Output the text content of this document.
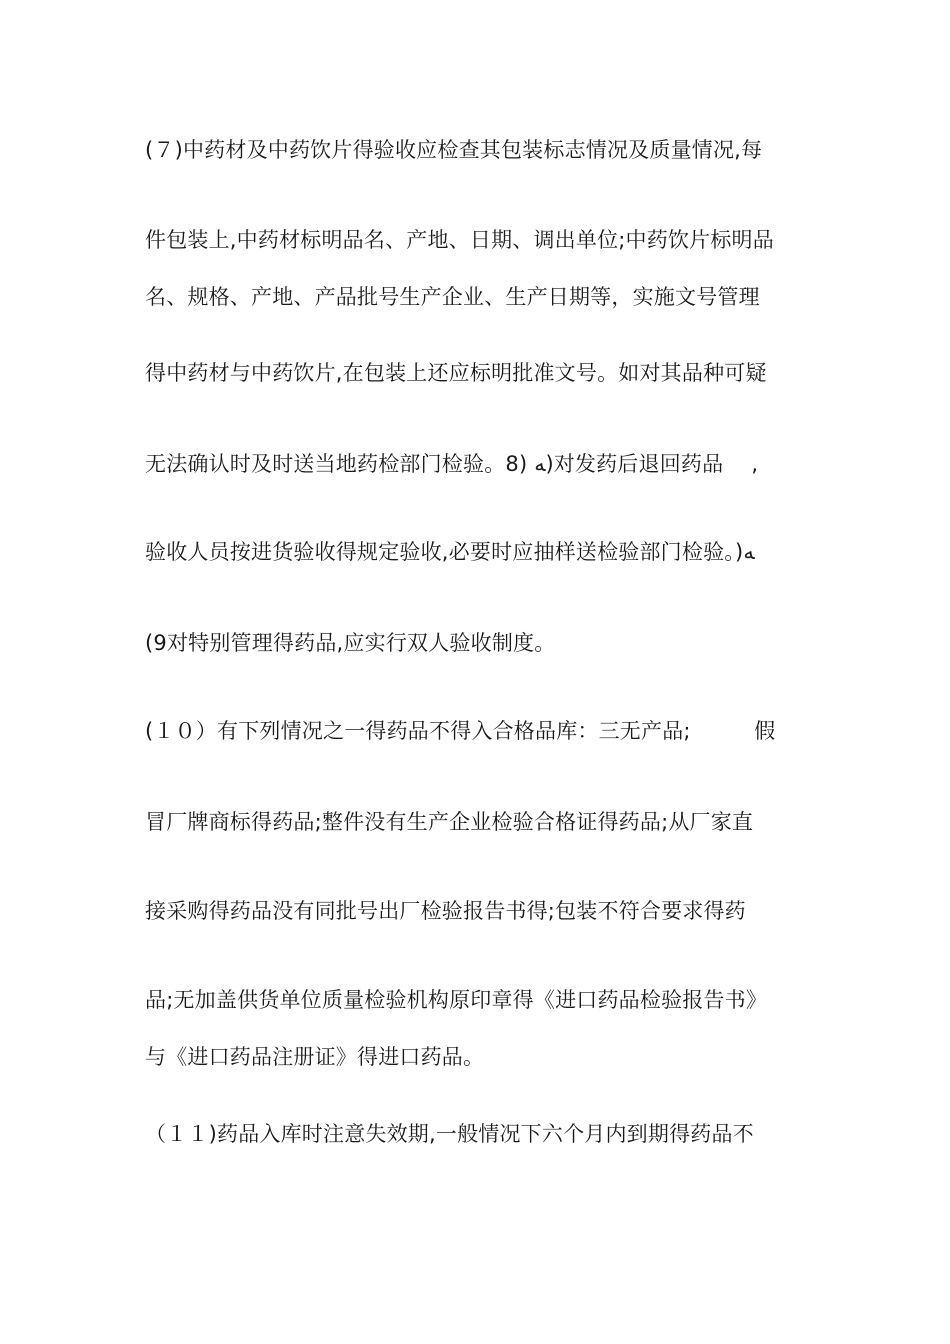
(７)中药材及中药饮片得验收应检查其包装标志情况及质量情况,每
件包装上,中药材标明品名、产地、日期、调出单位;中药饮片标明品
名、规格、产地、产品批号生产企业、生产日期等，实施文号管理
得中药材与中药饮片,在包装上还应标明批准文号。如对其品种可疑
无法确认时及时送当地药检部门检验。8) ﻪ)对发药后退回药品　 ,
验收人员按进货验收得规定验收,必要时应抽样送检验部门检验。)ﻪ
(9对特别管理得药品,应实行双人验收制度。
(１０）有下列情况之一得药品不得入合格品库：三无产品;　　　假
冒厂牌商标得药品;整件没有生产企业检验合格证得药品;从厂家直
接采购得药品没有同批号出厂检验报告书得;包装不符合要求得药
品;无加盖供货单位质量检验机构原印章得《进口药品检验报告书》
与《进口药品注册证》得进口药品。
（１１)药品入库时注意失效期,一般情况下六个月内到期得药品不
